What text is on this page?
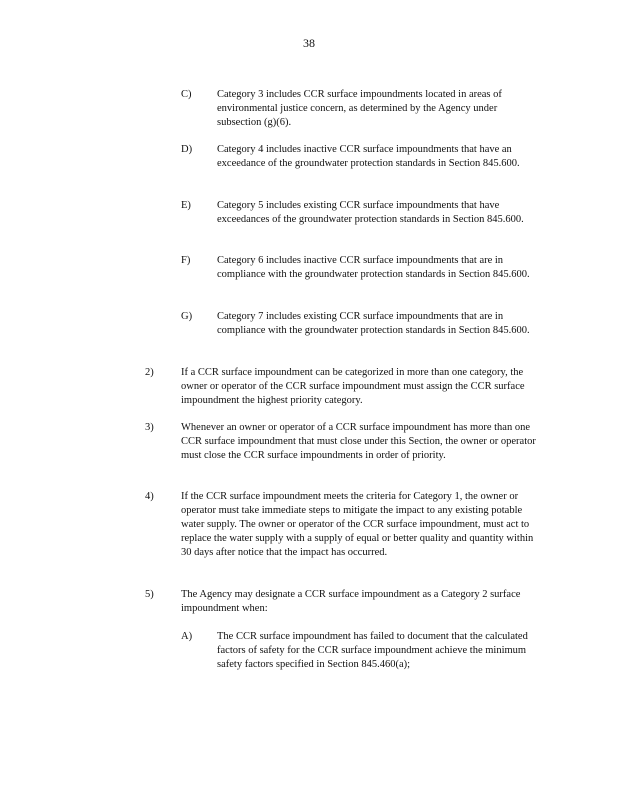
38
C) Category 3 includes CCR surface impoundments located in areas of environmental justice concern, as determined by the Agency under subsection (g)(6).
D) Category 4 includes inactive CCR surface impoundments that have an exceedance of the groundwater protection standards in Section 845.600.
E) Category 5 includes existing CCR surface impoundments that have exceedances of the groundwater protection standards in Section 845.600.
F)	Category 6 includes inactive CCR surface impoundments that are in compliance with the groundwater protection standards in Section 845.600.
G) Category 7 includes existing CCR surface impoundments that are in compliance with the groundwater protection standards in Section 845.600.
2)	If a CCR surface impoundment can be categorized in more than one category, the owner or operator of the CCR surface impoundment must assign the CCR surface impoundment the highest priority category.
3)	Whenever an owner or operator of a CCR surface impoundment has more than one CCR surface impoundment that must close under this Section, the owner or operator must close the CCR surface impoundments in order of priority.
4)	If the CCR surface impoundment meets the criteria for Category 1, the owner or operator must take immediate steps to mitigate the impact to any existing potable water supply. The owner or operator of the CCR surface impoundment, must act to replace the water supply with a supply of equal or better quality and quantity within 30 days after notice that the impact has occurred.
5)	The Agency may designate a CCR surface impoundment as a Category 2 surface impoundment when:
A) The CCR surface impoundment has failed to document that the calculated factors of safety for the CCR surface impoundment achieve the minimum safety factors specified in Section 845.460(a);
